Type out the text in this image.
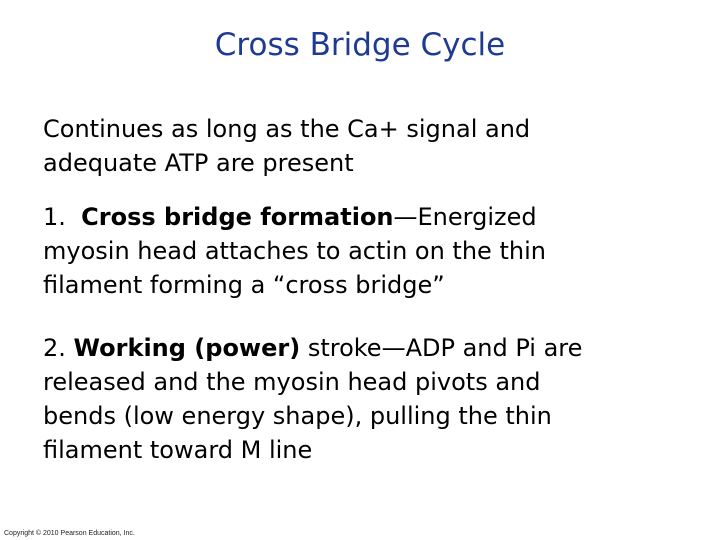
Cross Bridge Cycle
Continues as long as the Ca+ signal and
adequate ATP are present
1. Cross bridge formation—Energized
myosin head attaches to actin on the thin
filament forming a “cross bridge”
2. Working (power) stroke—ADP and Pi are
released and the myosin head pivots and
bends (low energy shape), pulling the thin
filament toward M line
Copyright © 2010 Pearson Education, Inc.
